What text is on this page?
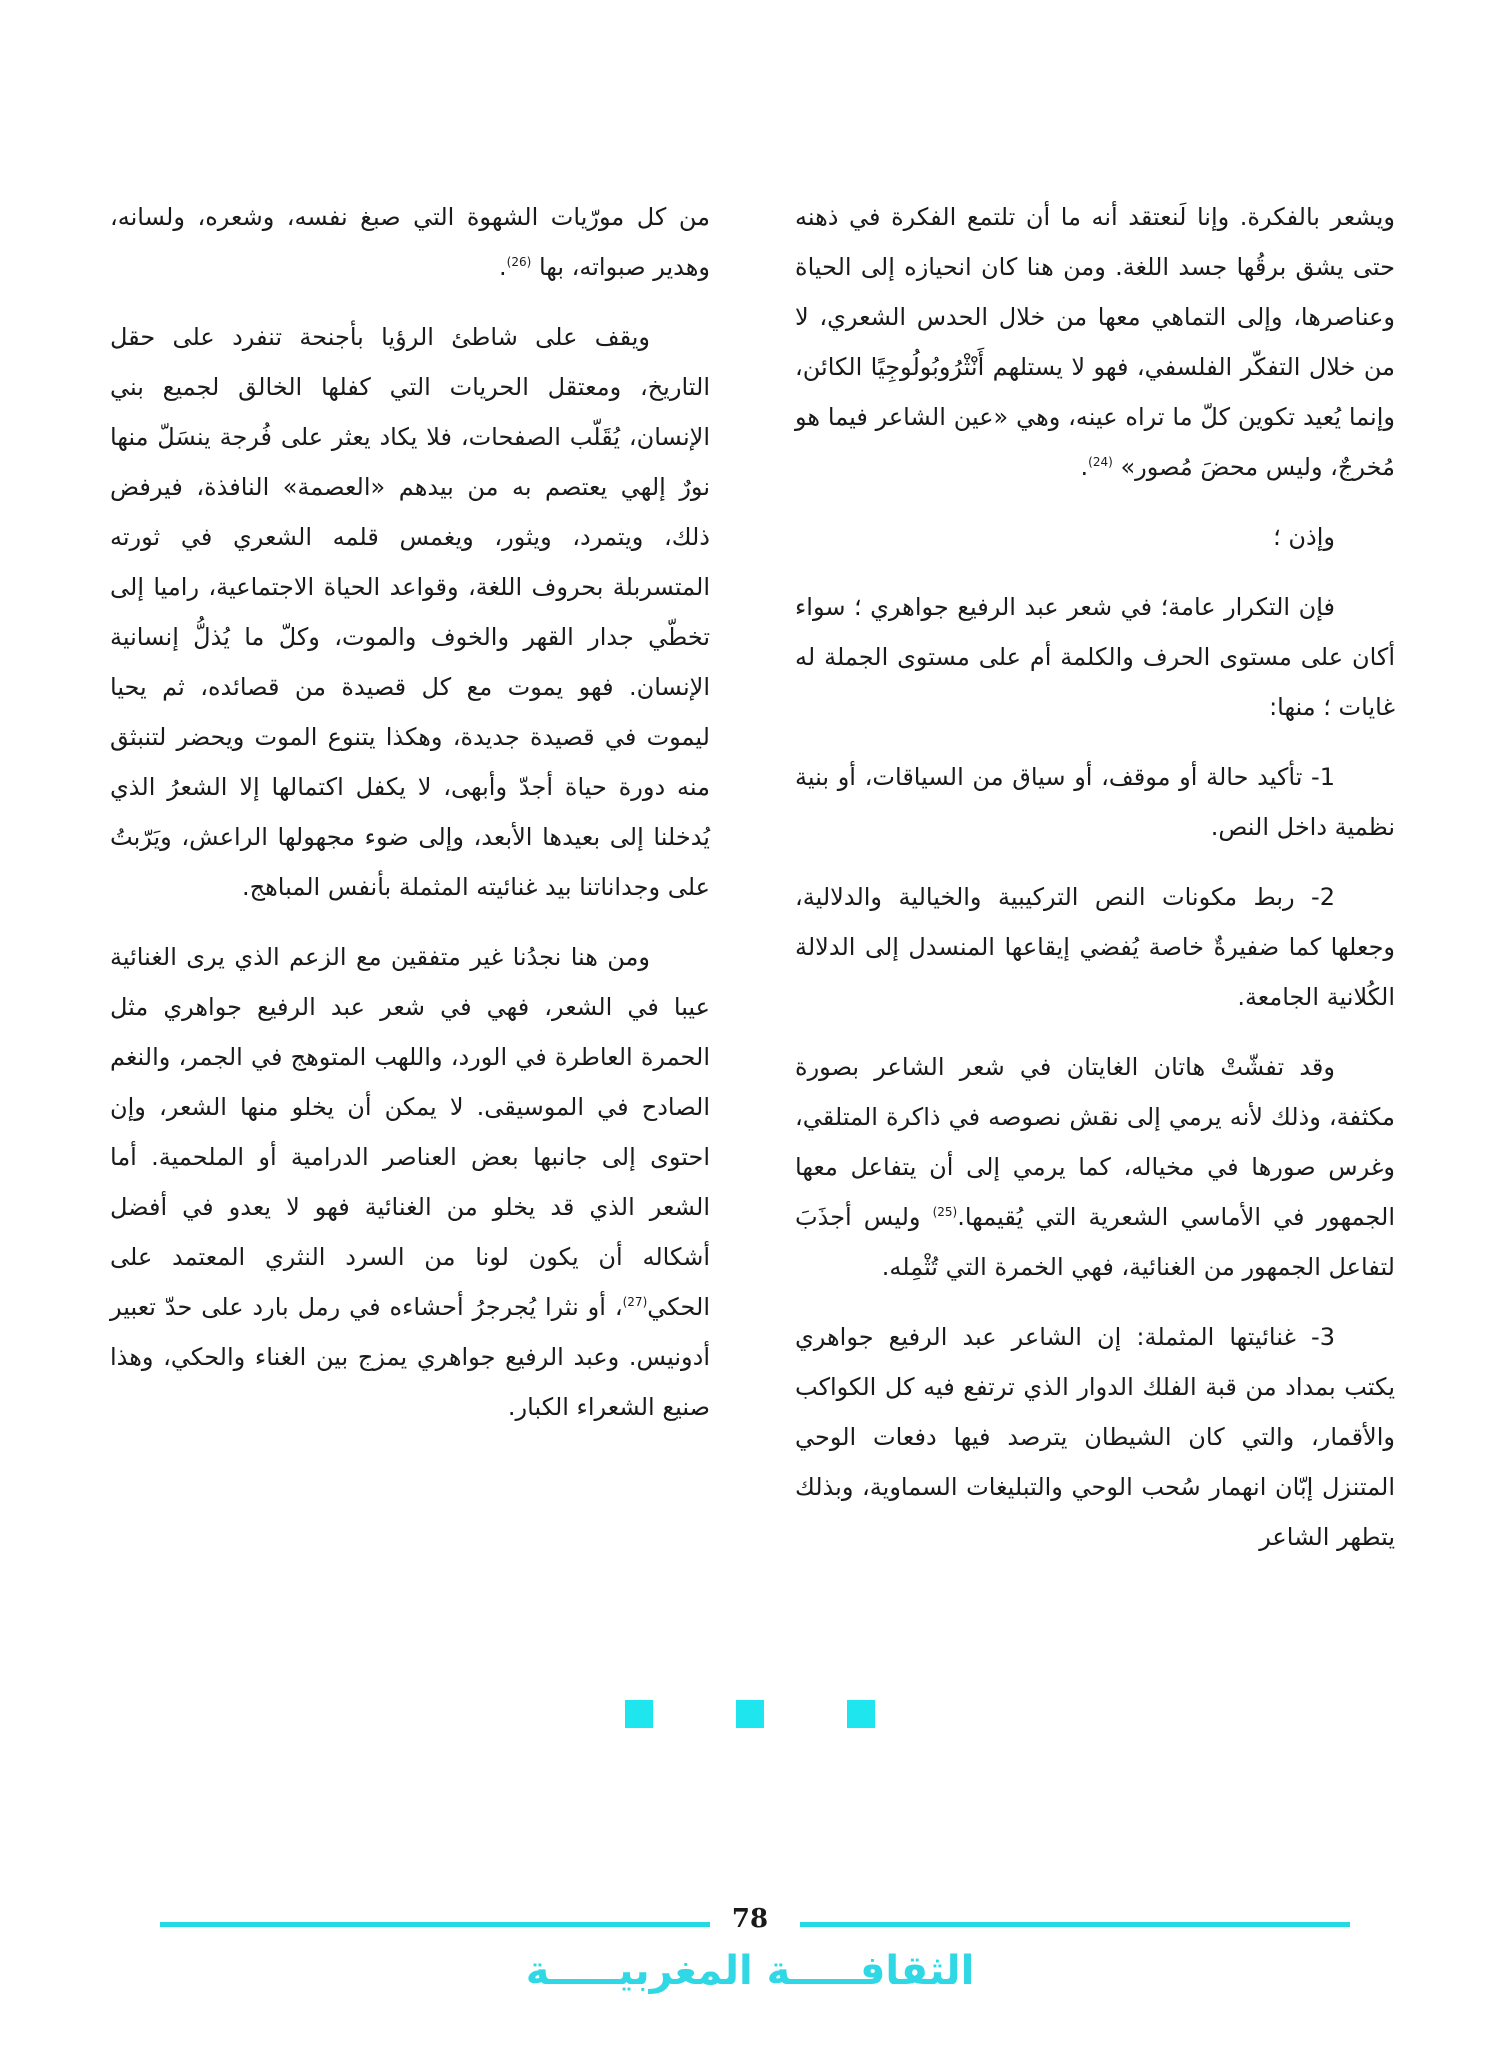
ويشعر بالفكرة. وإنا لَنعتقد أنه ما أن تلتمع الفكرة في ذهنه حتى يشق برقُها جسد اللغة. ومن هنا كان انحيازه إلى الحياة وعناصرها، وإلى التماهي معها من خلال الحدس الشعري، لا من خلال التفكّر الفلسفي، فهو لا يستلهم أَنْثْرُوبُولُوجِيًا الكائن، وإنما يُعيد تكوين كلّ ما تراه عينه، وهي «عين الشاعر فيما هو مُخرجٌ، وليس محضَ مُصور» $^{(24)}$.

وإذن ؛

فإن التكرار عامة؛ في شعر عبد الرفيع جواهري ؛ سواء أكان على مستوى الحرف والكلمة أم على مستوى الجملة له غايات ؛ منها:

1- تأكيد حالة أو موقف، أو سياق من السياقات، أو بنية نظمية داخل النص.

2- ربط مكونات النص التركيبية والخيالية والدلالية، وجعلها كما ضفيرةٌ خاصة يُفضي إيقاعها المنسدل إلى الدلالة الكُلانية الجامعة.

وقد تفشّتْ هاتان الغايتان في شعر الشاعر بصورة مكثفة، وذلك لأنه يرمي إلى نقش نصوصه في ذاكرة المتلقي، وغرس صورها في مخياله، كما يرمي إلى أن يتفاعل معها الجمهور في الأماسي الشعرية التي يُقيمها.$^{(25)}$ وليس أجذَبَ لتفاعل الجمهور من الغنائية، فهي الخمرة التي تُثْمِله.

3- غنائيتها المثملة: إن الشاعر عبد الرفيع جواهري يكتب بمداد من قبة الفلك الدوار الذي ترتفع فيه كل الكواكب والأقمار، والتي كان الشيطان يترصد فيها دفعات الوحي المتنزل إبّان انهمار سُحب الوحي والتبليغات السماوية، وبذلك يتطهر الشاعر

من كل مورّيات الشهوة التي صبغ نفسه، وشعره، ولسانه، وهدير صبواته، بها $^{(26)}$.

ويقف على شاطئ الرؤيا بأجنحة تنفرد على حقل التاريخ، ومعتقل الحريات التي كفلها الخالق لجميع بني الإنسان، يُقَلّب الصفحات، فلا يكاد يعثر على فُرجة ينسَلّ منها نورٌ إلهي يعتصم به من بيدهم «العصمة» النافذة، فيرفض ذلك، ويتمرد، ويثور، ويغمس قلمه الشعري في ثورته المتسربلة بحروف اللغة، وقواعد الحياة الاجتماعية، راميا إلى تخطّي جدار القهر والخوف والموت، وكلّ ما يُذلُّ إنسانية الإنسان. فهو يموت مع كل قصيدة من قصائده، ثم يحيا ليموت في قصيدة جديدة، وهكذا يتنوع الموت ويحضر لتنبثق منه دورة حياة أجدّ وأبهى، لا يكفل اكتمالها إلا الشعرُ الذي يُدخلنا إلى بعيدها الأبعد، وإلى ضوء مجهولها الراعش، ويَرّبتُ على وجداناتنا بيد غنائيته المثملة بأنفس المباهج.

ومن هنا نجدُنا غير متفقين مع الزعم الذي يرى الغنائية عيبا في الشعر، فهي في شعر عبد الرفيع جواهري مثل الحمرة العاطرة في الورد، واللهب المتوهج في الجمر، والنغم الصادح في الموسيقى. لا يمكن أن يخلو منها الشعر، وإن احتوى إلى جانبها بعض العناصر الدرامية أو الملحمية. أما الشعر الذي قد يخلو من الغنائية فهو لا يعدو في أفضل أشكاله أن يكون لونا من السرد النثري المعتمد على الحكي$^{(27)}$، أو نثرا يُجرجرُ أحشاءه في رمل بارد على حدّ تعبير أدونيس. وعبد الرفيع جواهري يمزج بين الغناء والحكي، وهذا صنيع الشعراء الكبار.

78
الثقافـــــة المغربيـــــة
